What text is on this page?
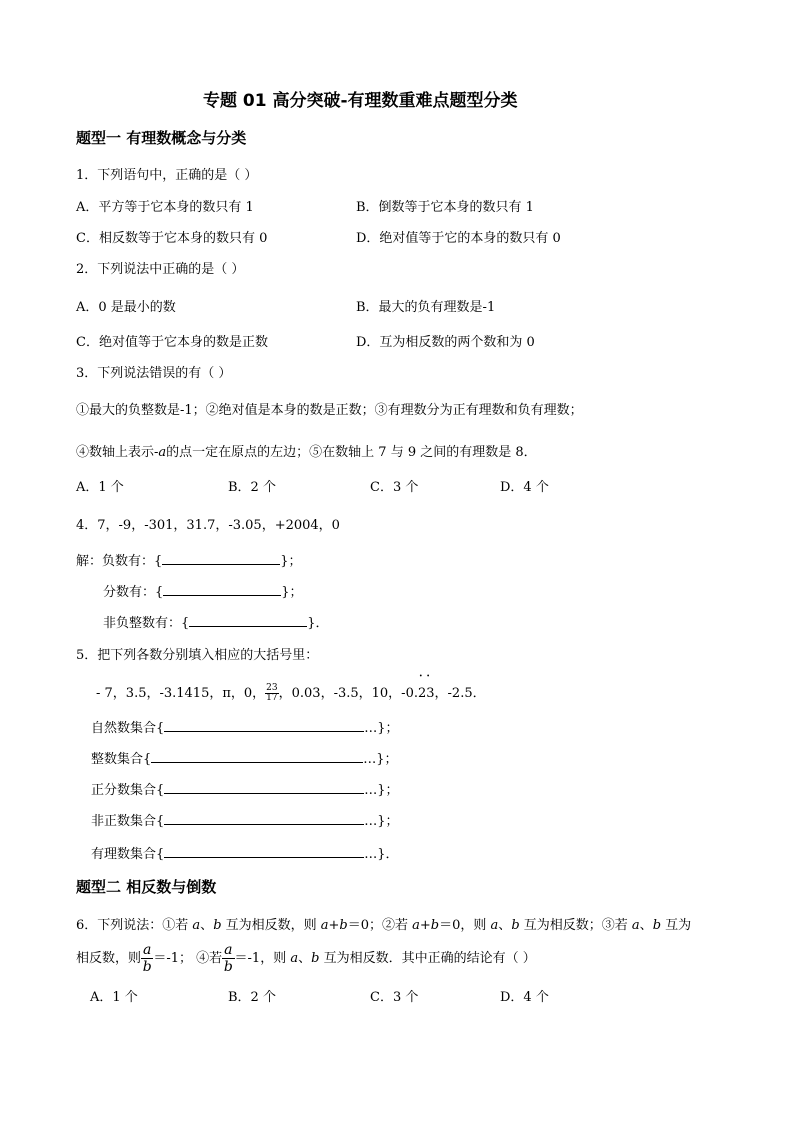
专题 01 高分突破-有理数重难点题型分类
题型一 有理数概念与分类
1．下列语句中，正确的是（ ）
A．平方等于它本身的数只有 1	B．倒数等于它本身的数只有 1
C．相反数等于它本身的数只有 0	D．绝对值等于它的本身的数只有 0
2．下列说法中正确的是（ ）
A．0 是最小的数	B．最大的负有理数是-1
C．绝对值等于它本身的数是正数	D．互为相反数的两个数和为 0
3．下列说法错误的有（ ）
①最大的负整数是-1；②绝对值是本身的数是正数；③有理数分为正有理数和负有理数；
④数轴上表示-a的点一定在原点的左边；⑤在数轴上 7 与 9 之间的有理数是 8．
A．1 个	B．2 个	C．3 个	D．4 个
4．7，-9，-301，31.7，-3.05，+2004，0
解：负数有：{	}；
分数有：{	}；
非负整数有：{	}．
5．把下列各数分别填入相应的大括号里：
- 7，3.5，-3.1415，π，0， $\frac{23}{17}$ ，0.03，-3.5，10，-0.• • 23，-2.5．
自然数集合{	…}；
整数集合{	…}；
正分数集合{	…}；
非正数集合{	…}；
有理数集合{	…}．
题型二 相反数与倒数
6．下列说法：①若 a、b 互为相反数，则 a+b＝0；②若 a+b＝0，则 a、b 互为相反数；③若 a、b 互为
相反数，则 $\frac{a}{b} =-1$； ④若 $\frac{a}{b} =-1$，则 a、b 互为相反数．其中正确的结论有（ ）
A．1 个	B．2 个	C．3 个	D．4 个
